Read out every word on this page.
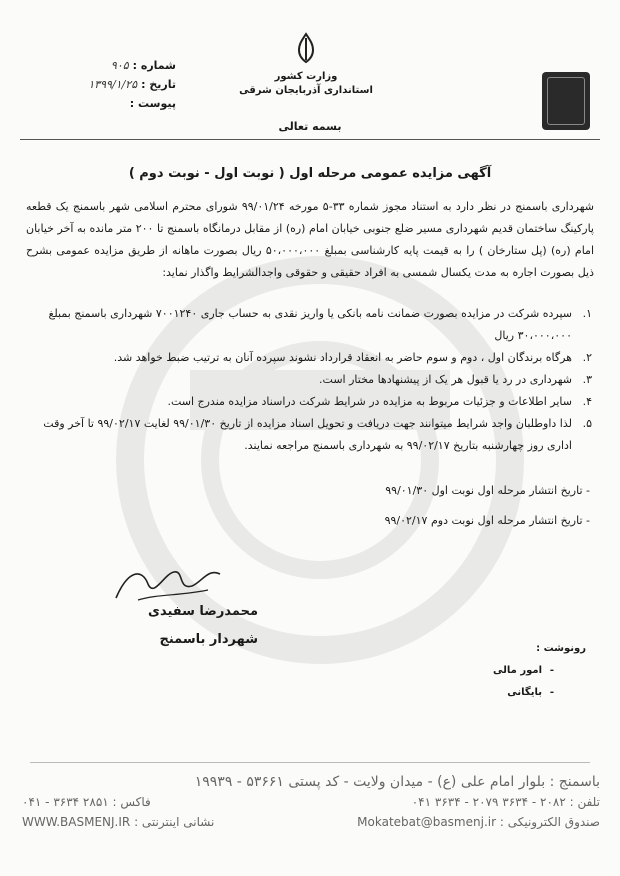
شماره :
۹۰۵
تاریخ :
۱۳۹۹/۱/۲۵
پیوست :
وزارت کشور
استانداری آذربایجان شرقی
بسمه تعالی
آگهی مزایده عمومی مرحله اول ( نوبت اول - نوبت دوم )
شهرداری باسمنج در نظر دارد به استناد مجوز شماره ۳۳-۵ مورخه ۹۹/۰۱/۲۴ شورای محترم اسلامی شهر باسمنج یک قطعه پارکینگ ساختمان قدیم شهرداری مسیر ضلع جنوبی خیابان امام (ره) از مقابل درمانگاه باسمنج تا ۲۰۰ متر مانده به آخر خیابان امام (ره) (پل ستارخان ) را به قیمت پایه کارشناسی بمبلغ ۵۰،۰۰۰،۰۰۰ ریال بصورت ماهانه از طریق مزایده عمومی بشرح ذیل بصورت اجاره به مدت یکسال شمسی به افراد حقیقی و حقوقی واجدالشرایط واگذار نماید:
۱.
سپرده شرکت در مزایده بصورت ضمانت نامه بانکی یا واریز نقدی به حساب جاری ۷۰۰۱۲۴۰ شهرداری باسمنج بمبلغ ۳۰،۰۰۰،۰۰۰ ریال
۲.
هرگاه برندگان اول ، دوم و سوم حاضر به انعقاد قرارداد نشوند سپرده آنان به ترتیب ضبط خواهد شد.
۳.
شهرداری در رد یا قبول هر یک از پیشنهادها مختار است.
۴.
سایر اطلاعات و جزئیات مربوط به مزایده در شرایط شرکت دراسناد مزایده مندرج است.
۵.
لذا داوطلبان واجد شرایط میتوانند جهت دریافت و تحویل اسناد مزایده از تاریخ ۹۹/۰۱/۳۰ لغایت ۹۹/۰۲/۱۷ تا آخر وقت اداری روز چهارشنبه بتاریخ ۹۹/۰۲/۱۷ به شهرداری باسمنج مراجعه نمایند.
- تاریخ انتشار مرحله اول نوبت اول ۹۹/۰۱/۳۰
- تاریخ انتشار مرحله اول نوبت دوم ۹۹/۰۲/۱۷
محمدرضا سفیدی
شهردار باسمنج
رونوشت :
-
امور مالی
-
بایگانی
باسمنج : بلوار امام علی (ع) - میدان ولایت - کد پستی ۵۳۶۶۱ - ۱۹۹۳۹
تلفن : ۲۰۸۲ - ۳۶۳۴ ۲۰۷۹ - ۳۶۳۴ ۰۴۱
فاکس : ۲۸۵۱ ۳۶۳۴ - ۰۴۱
صندوق الکترونیکی : Mokatebat@basmenj.ir
نشانی اینترنتی : WWW.BASMENJ.IR
